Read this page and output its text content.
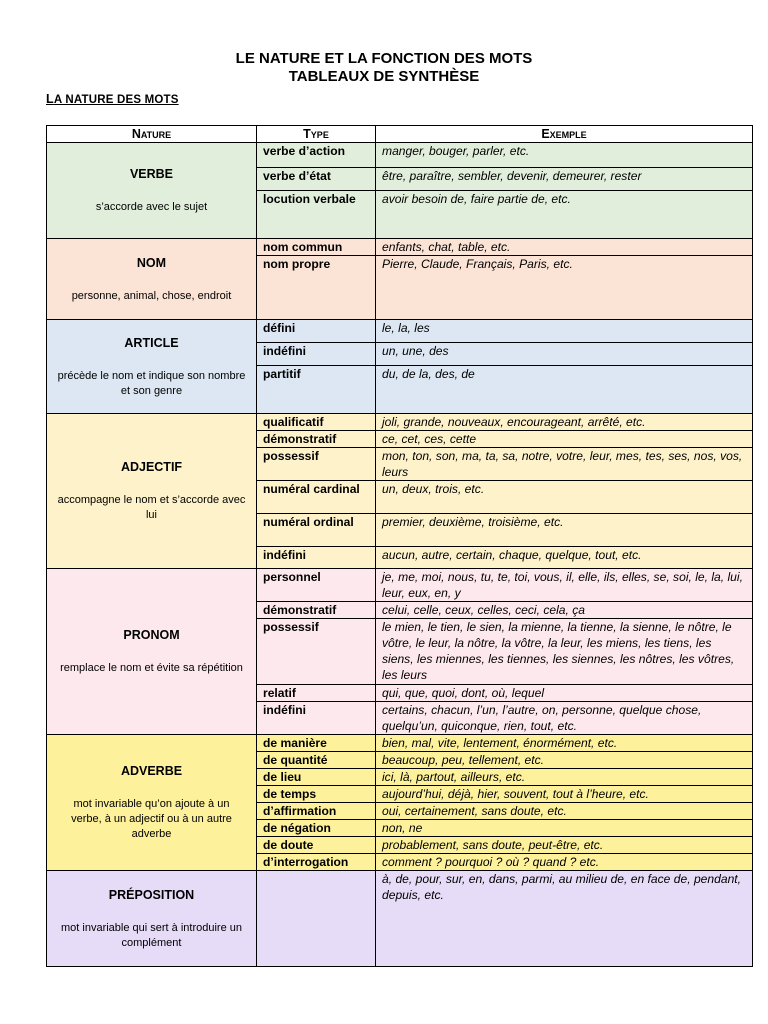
LE NATURE ET LA FONCTION DES MOTS
TABLEAUX DE SYNTHÈSE
LA NATURE DES MOTS
Nature	Type	Exemple

VERBE
s’accorde avec le sujet	verbe d’action	manger, bouger, parler, etc.
	verbe d’état	être, paraître, sembler, devenir, demeurer, rester
	locution verbale	avoir besoin de, faire partie de, etc.

NOM
personne, animal, chose, endroit	nom commun	enfants, chat, table, etc.
	nom propre	Pierre, Claude, Français, Paris, etc.

ARTICLE
précède le nom et indique son nombre et son genre	défini	le, la, les
	indéfini	un, une, des
	partitif	du, de la, des, de

ADJECTIF
accompagne le nom et s’accorde avec lui	qualificatif	joli, grande, nouveaux, encourageant, arrêté, etc.
	démonstratif	ce, cet, ces, cette
	possessif	mon, ton, son, ma, ta, sa, notre, votre, leur, mes, tes, ses, nos, vos, leurs
	numéral cardinal	un, deux, trois, etc.
	numéral ordinal	premier, deuxième, troisième, etc.
	indéfini	aucun, autre, certain, chaque, quelque, tout, etc.

PRONOM
remplace le nom et évite sa répétition	personnel	je, me, moi, nous, tu, te, toi, vous, il, elle, ils, elles, se, soi, le, la, lui, leur, eux, en, y
	démonstratif	celui, celle, ceux, celles, ceci, cela, ça
	possessif	le mien, le tien, le sien, la mienne, la tienne, la sienne, le nôtre, le vôtre, le leur, la nôtre, la vôtre, la leur, les miens, les tiens, les siens, les miennes, les tiennes, les siennes, les nôtres, les vôtres, les leurs
	relatif	qui, que, quoi, dont, où, lequel
	indéfini	certains, chacun, l’un, l’autre, on, personne, quelque chose, quelqu’un, quiconque, rien, tout, etc.

ADVERBE
mot invariable qu’on ajoute à un verbe, à un adjectif ou à un autre adverbe	de manière	bien, mal, vite, lentement, énormément, etc.
	de quantité	beaucoup, peu, tellement, etc.
	de lieu	ici, là, partout, ailleurs, etc.
	de temps	aujourd’hui, déjà, hier, souvent, tout à l’heure, etc.
	d’affirmation	oui, certainement, sans doute, etc.
	de négation	non, ne
	de doute	probablement, sans doute, peut-être, etc.
	d’interrogation	comment ? pourquoi ? où ? quand ? etc.

PRÉPOSITION
mot invariable qui sert à introduire un complément		à, de, pour, sur, en, dans, parmi, au milieu de, en face de, pendant, depuis, etc.
